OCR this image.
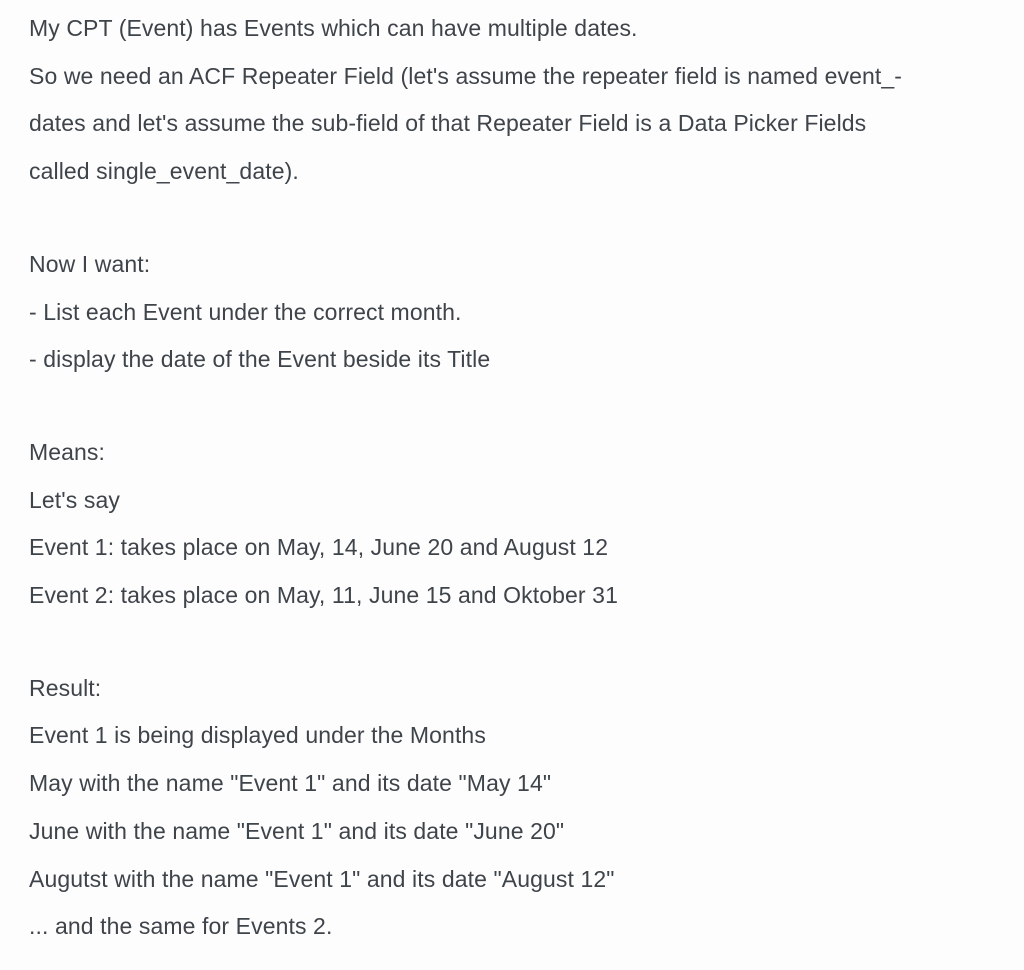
My CPT (Event) has Events which can have multiple dates.
So we need an ACF Repeater Field (let's assume the repeater field is named event_-
dates and let's assume the sub-field of that Repeater Field is a Data Picker Fields
called single_event_date).
Now I want:
- List each Event under the correct month.
- display the date of the Event beside its Title
Means:
Let's say
Event 1: takes place on May, 14, June 20 and August 12
Event 2: takes place on May, 11, June 15 and Oktober 31
Result:
Event 1 is being displayed under the Months
May with the name "Event 1" and its date "May 14"
June with the name "Event 1" and its date "June 20"
Augutst with the name "Event 1" and its date "August 12"
... and the same for Events 2.
